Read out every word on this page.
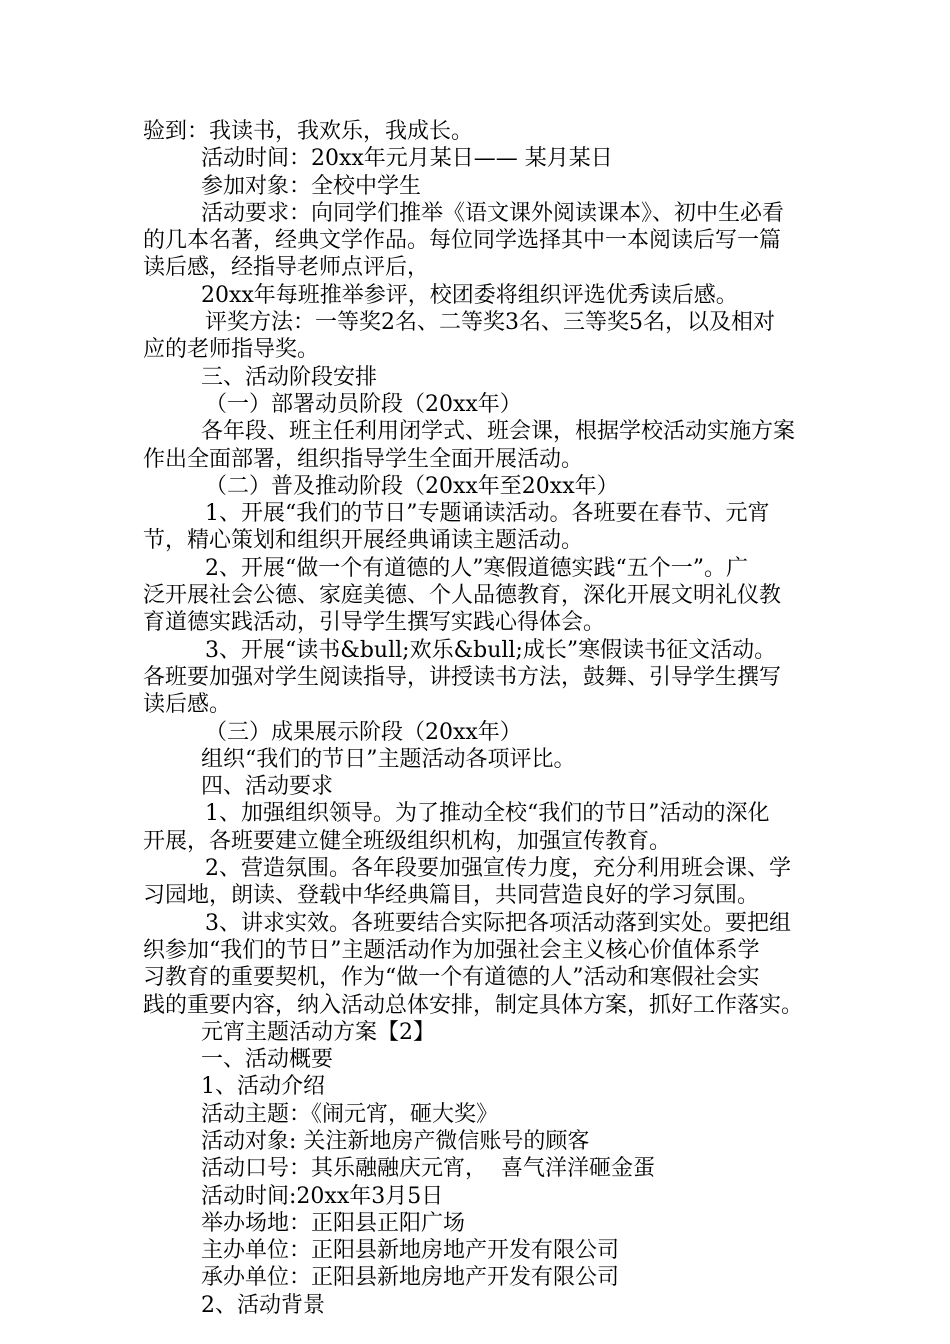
验到：我读书，我欢乐，我成长。
活动时间：20xx年元月某日—— 某月某日
参加对象：全校中学生
活动要求：向同学们推举《语文课外阅读课本》、初中生必看
的几本名著，经典文学作品。每位同学选择其中一本阅读后写一篇
读后感，经指导老师点评后，
20xx年每班推举参评，校团委将组织评选优秀读后感。
评奖方法：一等奖2名、二等奖3名、三等奖5名，以及相对
应的老师指导奖。
三、活动阶段安排
（一）部署动员阶段（20xx年）
各年段、班主任利用闭学式、班会课，根据学校活动实施方案
作出全面部署，组织指导学生全面开展活动。
（二）普及推动阶段（20xx年至20xx年）
1、开展“我们的节日”专题诵读活动。各班要在春节、元宵
节，精心策划和组织开展经典诵读主题活动。
2、开展“做一个有道德的人”寒假道德实践“五个一”。广
泛开展社会公德、家庭美德、个人品德教育，深化开展文明礼仪教
育道德实践活动，引导学生撰写实践心得体会。
3、开展“读书&bull;欢乐&bull;成长”寒假读书征文活动。
各班要加强对学生阅读指导，讲授读书方法，鼓舞、引导学生撰写
读后感。
（三）成果展示阶段（20xx年）
组织“我们的节日”主题活动各项评比。
四、活动要求
1、加强组织领导。为了推动全校“我们的节日”活动的深化
开展，各班要建立健全班级组织机构，加强宣传教育。
2、营造氛围。各年段要加强宣传力度，充分利用班会课、学
习园地，朗读、登载中华经典篇目，共同营造良好的学习氛围。
3、讲求实效。各班要结合实际把各项活动落到实处。要把组
织参加“我们的节日”主题活动作为加强社会主义核心价值体系学
习教育的重要契机，作为“做一个有道德的人”活动和寒假社会实
践的重要内容，纳入活动总体安排，制定具体方案，抓好工作落实。
元宵主题活动方案【2】
一、活动概要
1、活动介绍
活动主题：《闹元宵，砸大奖》
活动对象: 关注新地房产微信账号的顾客
活动口号：其乐融融庆元宵，  喜气洋洋砸金蛋
活动时间:20xx年3月5日
举办场地：正阳县正阳广场
主办单位：正阳县新地房地产开发有限公司
承办单位：正阳县新地房地产开发有限公司
2、活动背景
